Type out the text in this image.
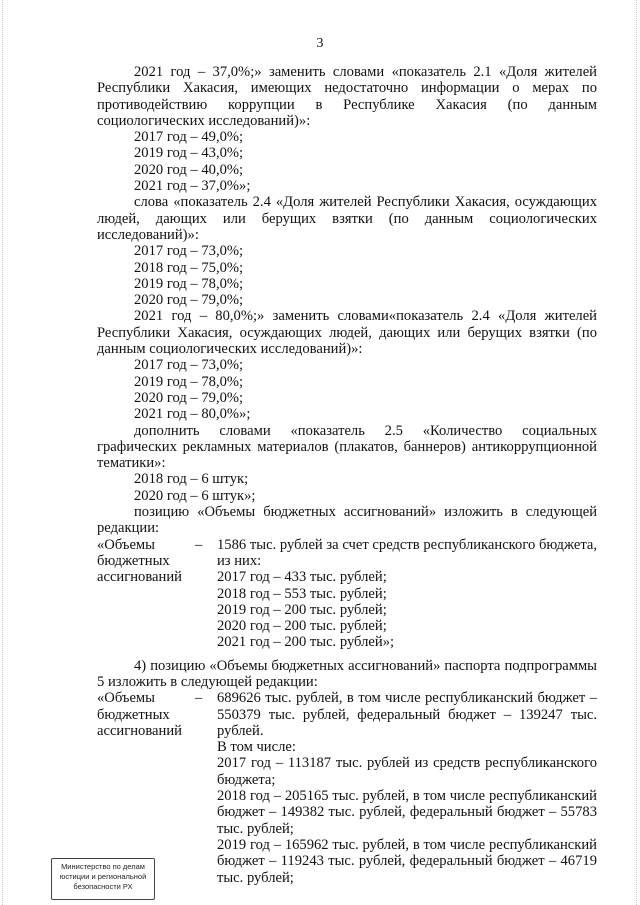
3

2021 год – 37,0%;» заменить словами «показатель 2.1 «Доля жителей Республики Хакасия, имеющих недостаточно информации о мерах по противодействию коррупции в Республике Хакасия (по данным социологических исследований)»:

2017 год – 49,0%;

2019 год – 43,0%;

2020 год – 40,0%;

2021 год – 37,0%»;

слова «показатель 2.4 «Доля жителей Республики Хакасия, осуждающих людей, дающих или берущих взятки (по данным социологических исследований)»:

2017 год – 73,0%;

2018 год – 75,0%;

2019 год – 78,0%;

2020 год – 79,0%;

2021 год – 80,0%;» заменить словами«показатель 2.4 «Доля жителей Республики Хакасия, осуждающих людей, дающих или берущих взятки (по данным социологических исследований)»:

2017 год – 73,0%;

2019 год – 78,0%;

2020 год – 79,0%;

2021 год – 80,0%»;

дополнить словами «показатель 2.5 «Количество социальных графических рекламных материалов (плакатов, баннеров) антикоррупционной тематики»:

2018 год – 6 штук;

2020 год – 6 штук»;

позицию «Объемы бюджетных ассигнований» изложить в следующей редакции:

«Объемы бюджетных ассигнований
–	1586 тыс. рублей за счет средств республиканского бюджета, из них:

2017 год – 433 тыс. рублей;

2018 год – 553 тыс. рублей;

2019 год – 200 тыс. рублей;

2020 год – 200 тыс. рублей;

2021 год – 200 тыс. рублей»;

4) позицию «Объемы бюджетных ассигнований» паспорта подпрограммы 5 изложить в следующей редакции:

«Объемы бюджетных ассигнований
–	689626 тыс. рублей, в том числе республиканский бюджет – 550379 тыс. рублей, федеральный бюджет – 139247 тыс. рублей.

В том числе:

2017 год – 113187 тыс. рублей из средств республиканского бюджета;

2018 год – 205165 тыс. рублей, в том числе республиканский бюджет – 149382 тыс. рублей, федеральный бюджет – 55783 тыс. рублей;

2019 год – 165962 тыс. рублей, в том числе республиканский бюджет – 119243 тыс. рублей, федеральный бюджет – 46719 тыс. рублей;

Министерство по делам
юстиции и региональной
безопасности РХ
